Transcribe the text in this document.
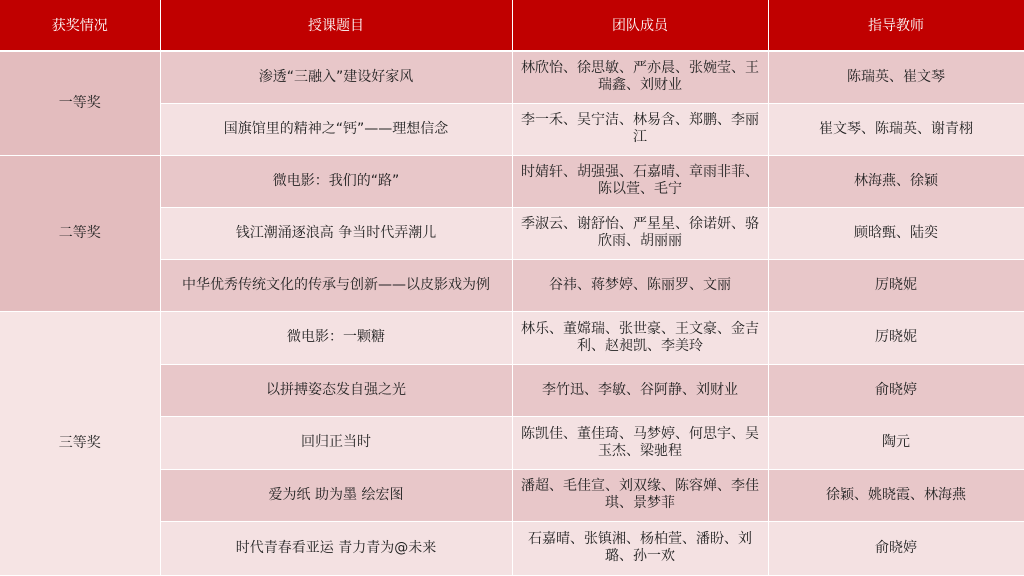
获奖情况	授课题目	团队成员	指导教师
一等奖	渗透“三融入”建设好家风	林欣怡、徐思敏、严亦晨、张婉莹、王瑞鑫、刘财业	陈瑞英、崔文琴
	国旗馆里的精神之“钙”——理想信念	李一禾、吴宁洁、林易含、郑鹏、李丽江	崔文琴、陈瑞英、谢青栩
二等奖	微电影：我们的“路”	时婧轩、胡强强、石嘉晴、章雨非菲、陈以萱、毛宁	林海燕、徐颖
	钱江潮涌逐浪高 争当时代弄潮儿	季淑云、谢舒怡、严星星、徐诺妍、骆欣雨、胡丽丽	顾晗甄、陆奕
	中华优秀传统文化的传承与创新——以皮影戏为例	谷祎、蒋梦婷、陈丽罗、文丽	厉晓妮
三等奖	微电影：一颗糖	林乐、董嫦瑞、张世豪、王文豪、金吉利、赵昶凯、李美玲	厉晓妮
	以拼搏姿态发自强之光	李竹迅、李敏、谷阿静、刘财业	俞晓婷
	回归正当时	陈凯佳、董佳琦、马梦婷、何思宇、吴玉杰、梁驰程	陶元
	爱为纸 助为墨 绘宏图	潘超、毛佳宣、刘双缘、陈容婵、李佳琪、景梦菲	徐颖、姚晓霞、林海燕
	时代青春看亚运 青力青为@未来	石嘉晴、张镇湘、杨柏萱、潘盼、刘璐、孙一欢	俞晓婷
